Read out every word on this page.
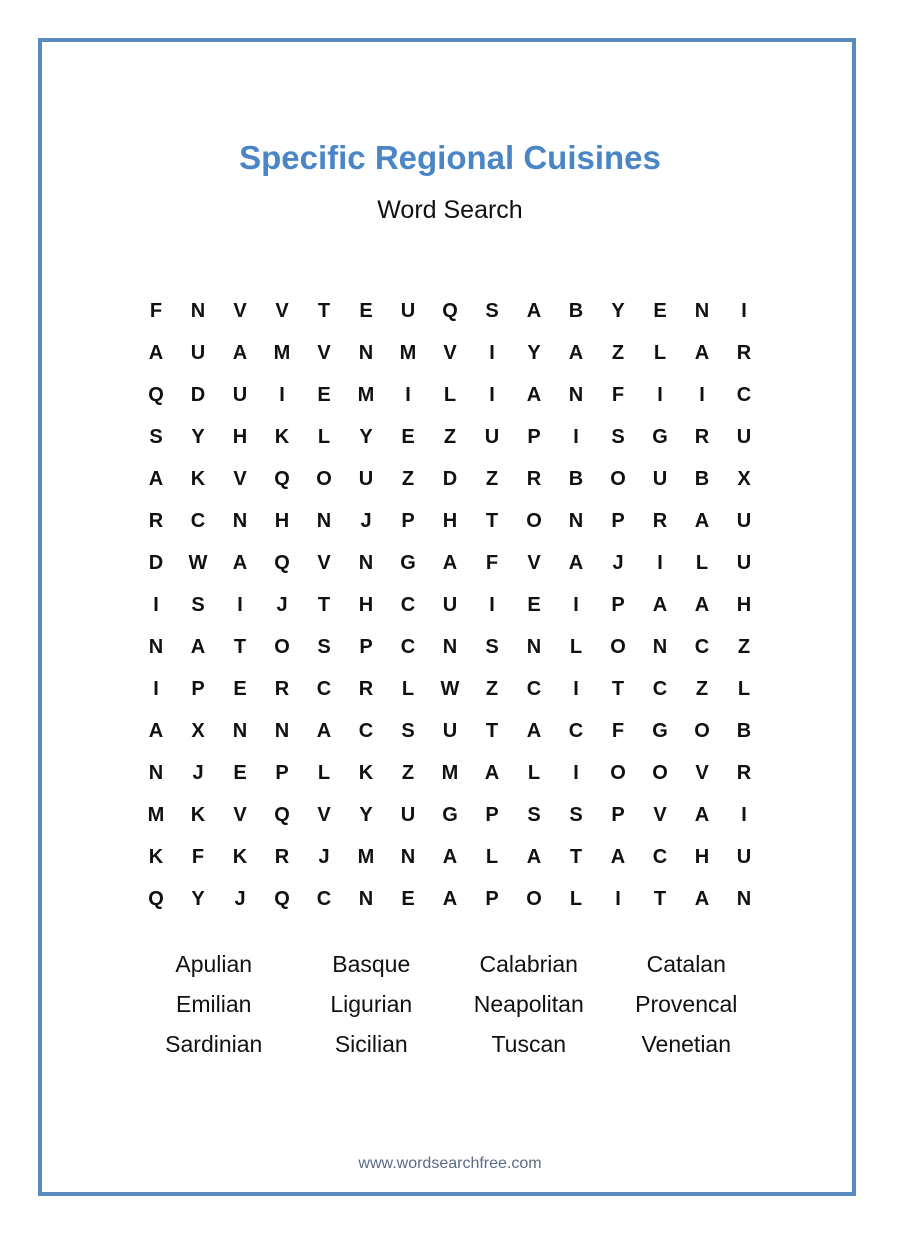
Specific Regional Cuisines
Word Search
F	N	V	V	T	E	U	Q	S	A	B	Y	E	N	I
A	U	A	M	V	N	M	V	I	Y	A	Z	L	A	R
Q	D	U	I	E	M	I	L	I	A	N	F	I	I	C
S	Y	H	K	L	Y	E	Z	U	P	I	S	G	R	U
A	K	V	Q	O	U	Z	D	Z	R	B	O	U	B	X
R	C	N	H	N	J	P	H	T	O	N	P	R	A	U
D	W	A	Q	V	N	G	A	F	V	A	J	I	L	U
I	S	I	J	T	H	C	U	I	E	I	P	A	A	H
N	A	T	O	S	P	C	N	S	N	L	O	N	C	Z
I	P	E	R	C	R	L	W	Z	C	I	T	C	Z	L
A	X	N	N	A	C	S	U	T	A	C	F	G	O	B
N	J	E	P	L	K	Z	M	A	L	I	O	O	V	R
M	K	V	Q	V	Y	U	G	P	S	S	P	V	A	I
K	F	K	R	J	M	N	A	L	A	T	A	C	H	U
Q	Y	J	Q	C	N	E	A	P	O	L	I	T	A	N
Apulian	Basque	Calabrian	Catalan
Emilian	Ligurian	Neapolitan	Provencal
Sardinian	Sicilian	Tuscan	Venetian
www.wordsearchfree.com
